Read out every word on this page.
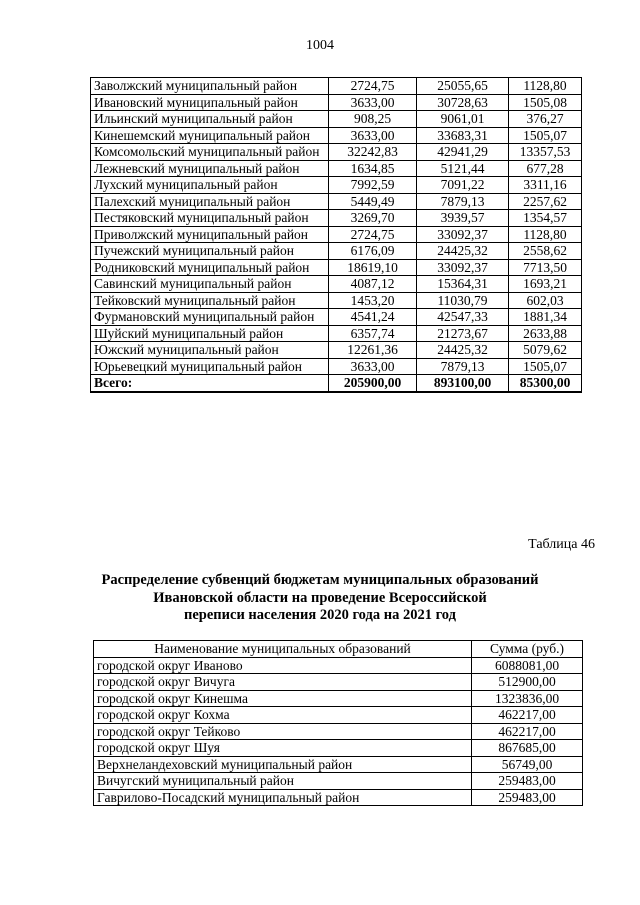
1004
Заволжский муниципальный район	2724,75	25055,65	1128,80
Ивановский муниципальный район	3633,00	30728,63	1505,08
Ильинский муниципальный район	908,25	9061,01	376,27
Кинешемский муниципальный район	3633,00	33683,31	1505,07
Комсомольский муниципальный район	32242,83	42941,29	13357,53
Лежневский муниципальный район	1634,85	5121,44	677,28
Лухский муниципальный район	7992,59	7091,22	3311,16
Палехский муниципальный район	5449,49	7879,13	2257,62
Пестяковский муниципальный район	3269,70	3939,57	1354,57
Приволжский муниципальный район	2724,75	33092,37	1128,80
Пучежский муниципальный район	6176,09	24425,32	2558,62
Родниковский муниципальный район	18619,10	33092,37	7713,50
Савинский муниципальный район	4087,12	15364,31	1693,21
Тейковский муниципальный район	1453,20	11030,79	602,03
Фурмановский муниципальный район	4541,24	42547,33	1881,34
Шуйский муниципальный район	6357,74	21273,67	2633,88
Южский муниципальный район	12261,36	24425,32	5079,62
Юрьевецкий муниципальный район	3633,00	7879,13	1505,07
Всего:	205900,00	893100,00	85300,00
Таблица 46
Распределение субвенций бюджетам муниципальных образований
Ивановской области на проведение Всероссийской
переписи населения 2020 года на 2021 год
Наименование муниципальных образований	Сумма (руб.)
городской округ Иваново	6088081,00
городской округ Вичуга	512900,00
городской округ Кинешма	1323836,00
городской округ Кохма	462217,00
городской округ Тейково	462217,00
городской округ Шуя	867685,00
Верхнеландеховский муниципальный район	56749,00
Вичугский муниципальный район	259483,00
Гаврилово-Посадский муниципальный район	259483,00
